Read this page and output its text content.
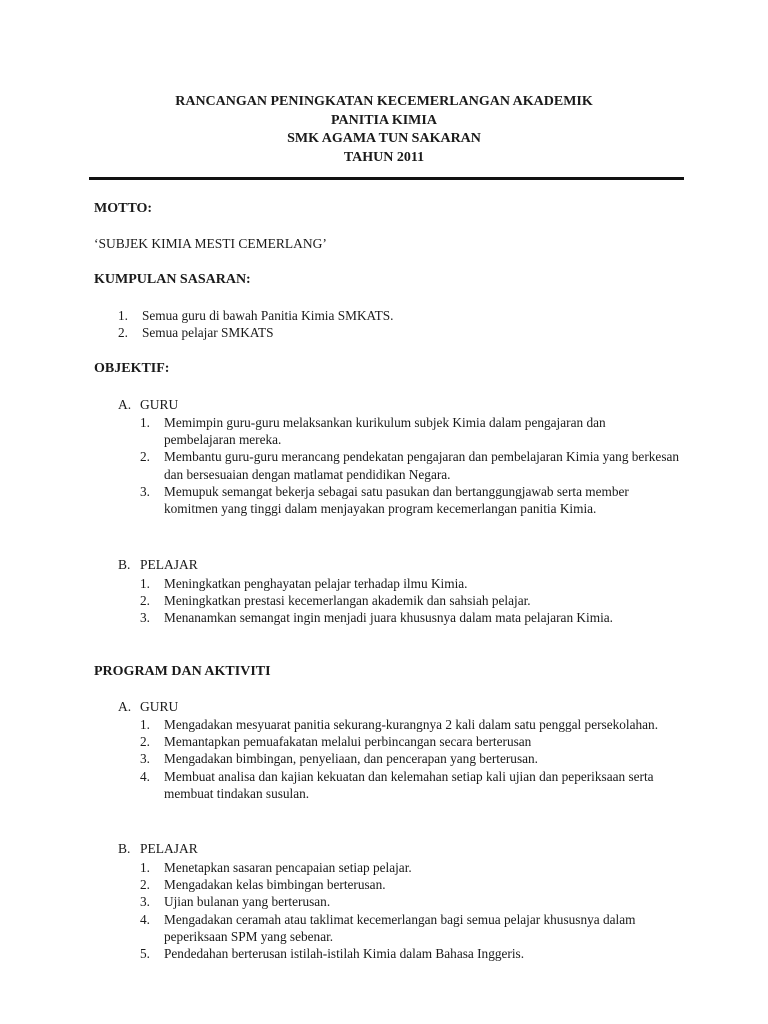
RANCANGAN PENINGKATAN KECEMERLANGAN AKADEMIK
PANITIA KIMIA
SMK AGAMA TUN SAKARAN
TAHUN 2011
MOTTO:
‘SUBJEK KIMIA MESTI CEMERLANG’
KUMPULAN SASARAN:
1.	Semua guru di bawah Panitia Kimia SMKATS.
2.	Semua pelajar SMKATS
OBJEKTIF:
A. GURU
1.	Memimpin guru-guru melaksankan kurikulum subjek Kimia dalam pengajaran dan pembelajaran mereka.
2.	Membantu guru-guru merancang pendekatan pengajaran dan pembelajaran Kimia yang berkesan dan bersesuaian dengan matlamat pendidikan Negara.
3.	Memupuk semangat bekerja sebagai satu pasukan dan bertanggungjawab serta member komitmen yang tinggi dalam menjayakan program kecemerlangan panitia Kimia.
B. PELAJAR
1.	Meningkatkan penghayatan pelajar terhadap ilmu Kimia.
2.	Meningkatkan prestasi kecemerlangan akademik dan sahsiah pelajar.
3.	Menanamkan semangat ingin menjadi juara khususnya dalam mata pelajaran Kimia.
PROGRAM DAN AKTIVITI
A. GURU
1.	Mengadakan mesyuarat panitia sekurang-kurangnya 2 kali dalam satu penggal persekolahan.
2.	Memantapkan pemuafakatan melalui perbincangan secara berterusan
3.	Mengadakan bimbingan, penyeliaan, dan pencerapan yang berterusan.
4.	Membuat analisa dan kajian kekuatan dan kelemahan setiap kali ujian dan peperiksaan serta membuat tindakan susulan.
B. PELAJAR
1.	Menetapkan sasaran pencapaian setiap pelajar.
2.	Mengadakan kelas bimbingan berterusan.
3.	Ujian bulanan yang berterusan.
4.	Mengadakan ceramah atau taklimat kecemerlangan bagi semua pelajar khususnya dalam peperiksaan SPM yang sebenar.
5.	Pendedahan berterusan istilah-istilah Kimia dalam Bahasa Inggeris.
